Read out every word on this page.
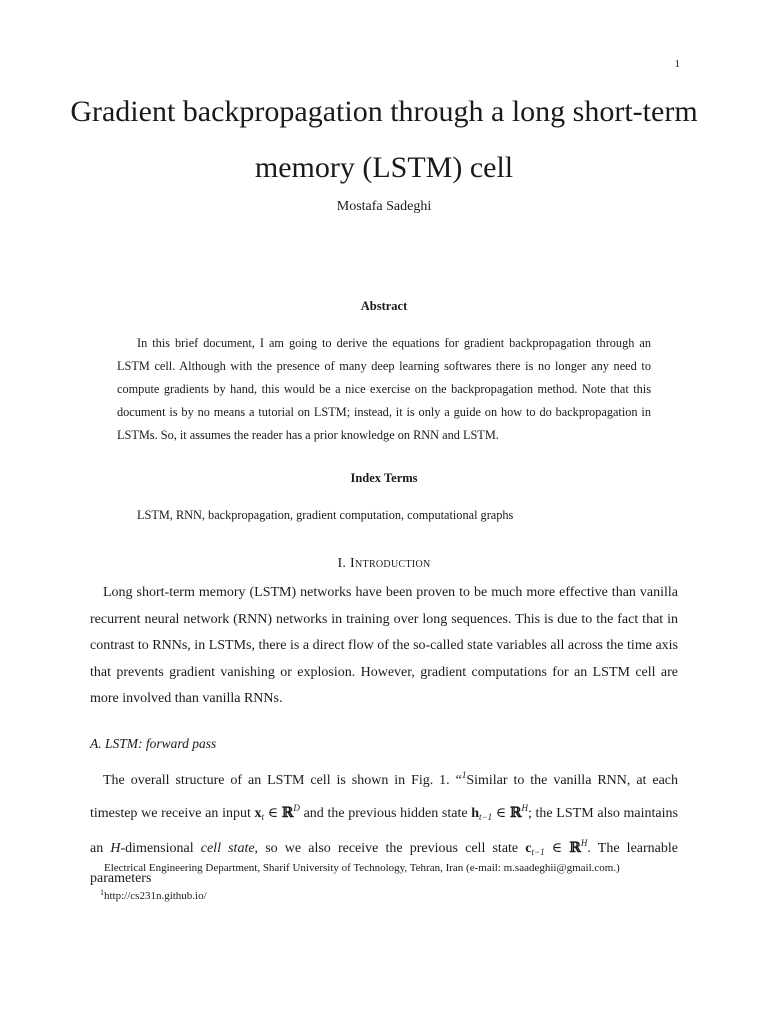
1
Gradient backpropagation through a long short-term memory (LSTM) cell
Mostafa Sadeghi
Abstract

In this brief document, I am going to derive the equations for gradient backpropagation through an LSTM cell. Although with the presence of many deep learning softwares there is no longer any need to compute gradients by hand, this would be a nice exercise on the backpropagation method. Note that this document is by no means a tutorial on LSTM; instead, it is only a guide on how to do backpropagation in LSTMs. So, it assumes the reader has a prior knowledge on RNN and LSTM.

Index Terms
LSTM, RNN, backpropagation, gradient computation, computational graphs
I. Introduction

Long short-term memory (LSTM) networks have been proven to be much more effective than vanilla recurrent neural network (RNN) networks in training over long sequences. This is due to the fact that in contrast to RNNs, in LSTMs, there is a direct flow of the so-called state variables all across the time axis that prevents gradient vanishing or explosion. However, gradient computations for an LSTM cell are more involved than vanilla RNNs.

A. LSTM: forward pass

The overall structure of an LSTM cell is shown in Fig. 1. “$^1$Similar to the vanilla RNN, at each timestep we receive an input $x_t$ ∈ ℝ$^D$ and the previous hidden state $h_{t-1}$ ∈ ℝ$^H$; the LSTM also maintains an H-dimensional cell state, so we also receive the previous cell state $c_{t-1}$ ∈ ℝ$^H$. The learnable parameters

Electrical Engineering Department, Sharif University of Technology, Tehran, Iran (e-mail: m.saadeghii@gmail.com.)

$^1$http://cs231n.github.io/
